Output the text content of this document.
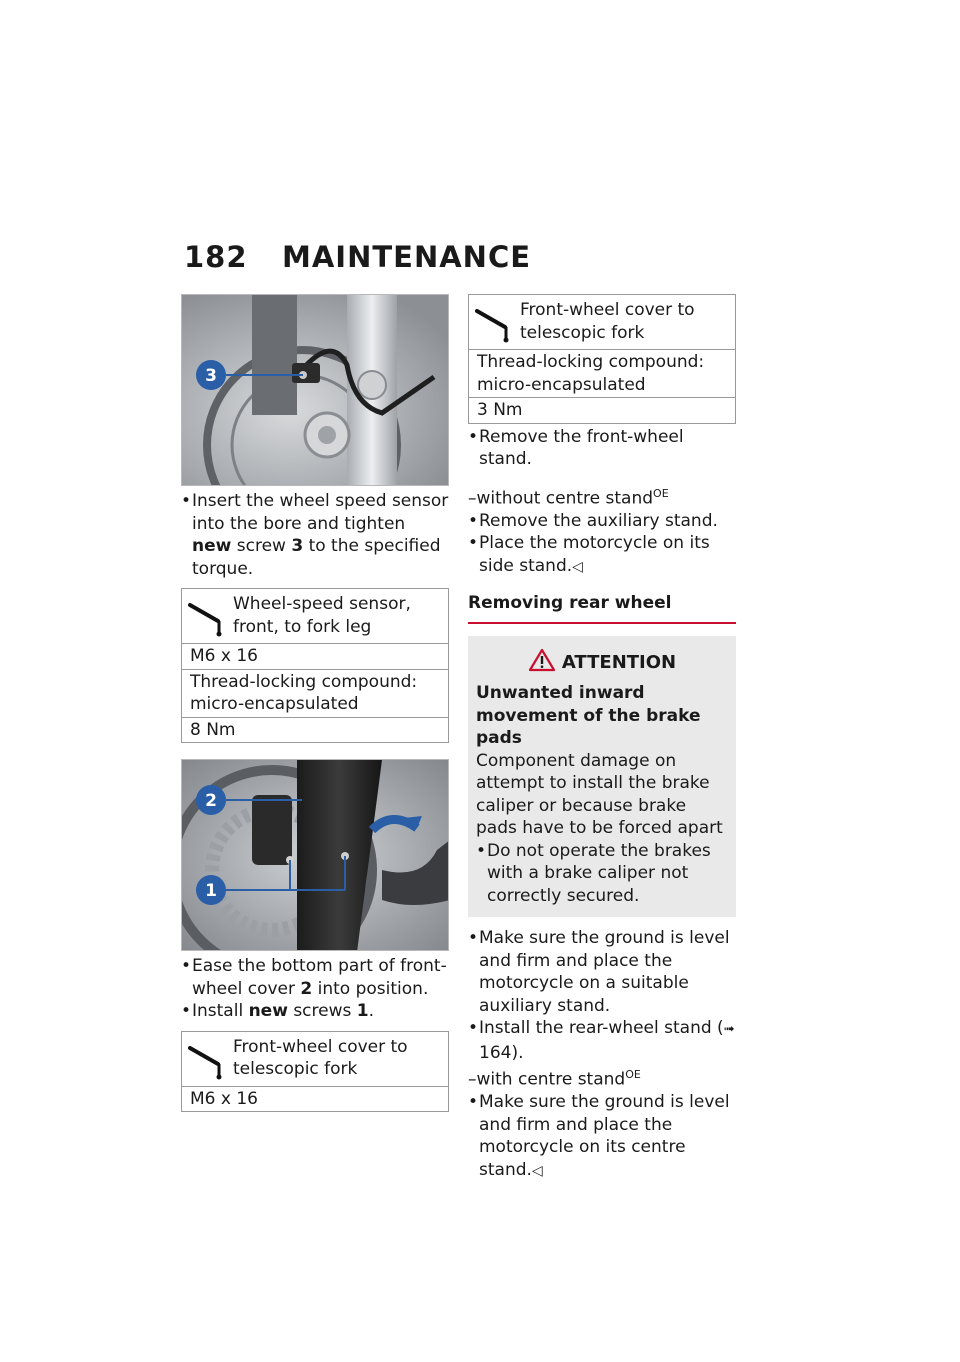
182 MAINTENANCE
3

• Insert the wheel speed sensor into the bore and tighten new screw 3 to the specified torque.

Wheel-speed sensor, front, to fork leg
M6 x 16
Thread-locking compound: micro-encapsulated
8 Nm
2
1

• Ease the bottom part of front-wheel cover 2 into position.

• Install new screws 1.

Front-wheel cover to telescopic fork
M6 x 16
Front-wheel cover to telescopic fork
Thread-locking compound: micro-encapsulated
3 Nm

• Remove the front-wheel stand.

–without centre stand$^{OE}$

• Remove the auxiliary stand.

• Place the motorcycle on its side stand.◁

Removing rear wheel
ATTENTION
Unwanted inward movement of the brake pads
Component damage on attempt to install the brake caliper or because brake pads have to be forced apart
• Do not operate the brakes with a brake caliper not correctly secured.

• Make sure the ground is level and firm and place the motorcycle on a suitable auxiliary stand.

• Install the rear-wheel stand (➟ 164).

–with centre stand$^{OE}$

• Make sure the ground is level and firm and place the motorcycle on its centre stand.◁
